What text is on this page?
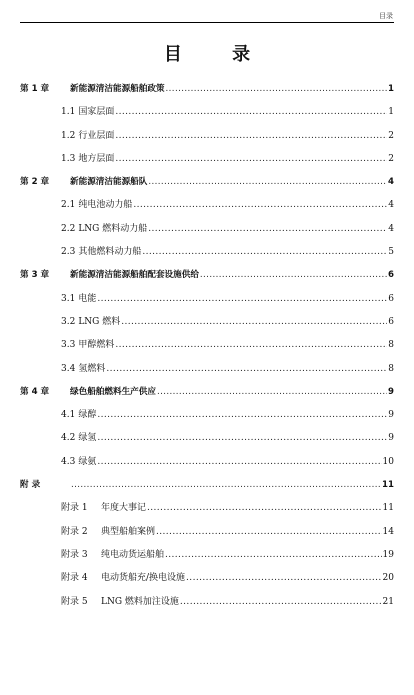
目录
目 录
第 1 章	新能源清洁能源船舶政策 .....	1
1.1 国家层面 .....	1
1.2 行业层面 .....	2
1.3 地方层面 .....	2
第 2 章	新能源清洁能源船队 .....	4
2.1 纯电池动力船 .....	4
2.2 LNG 燃料动力船 .....	4
2.3 其他燃料动力船 .....	5
第 3 章	新能源清洁能源船舶配套设施供给 .....	6
3.1 电能 .....	6
3.2 LNG 燃料 .....	6
3.3 甲醇燃料 .....	8
3.4 氢燃料 .....	8
第 4 章	绿色船舶燃料生产供应 .....	9
4.1 绿醇 .....	9
4.2 绿氢 .....	9
4.3 绿氨 .....	10
附 录 .....	11
附录 1	年度大事记 .....	11
附录 2	典型船舶案例 .....	14
附录 3	纯电动货运船舶 .....	19
附录 4	电动货船充/换电设施 .....	20
附录 5	LNG 燃料加注设施 .....	21
